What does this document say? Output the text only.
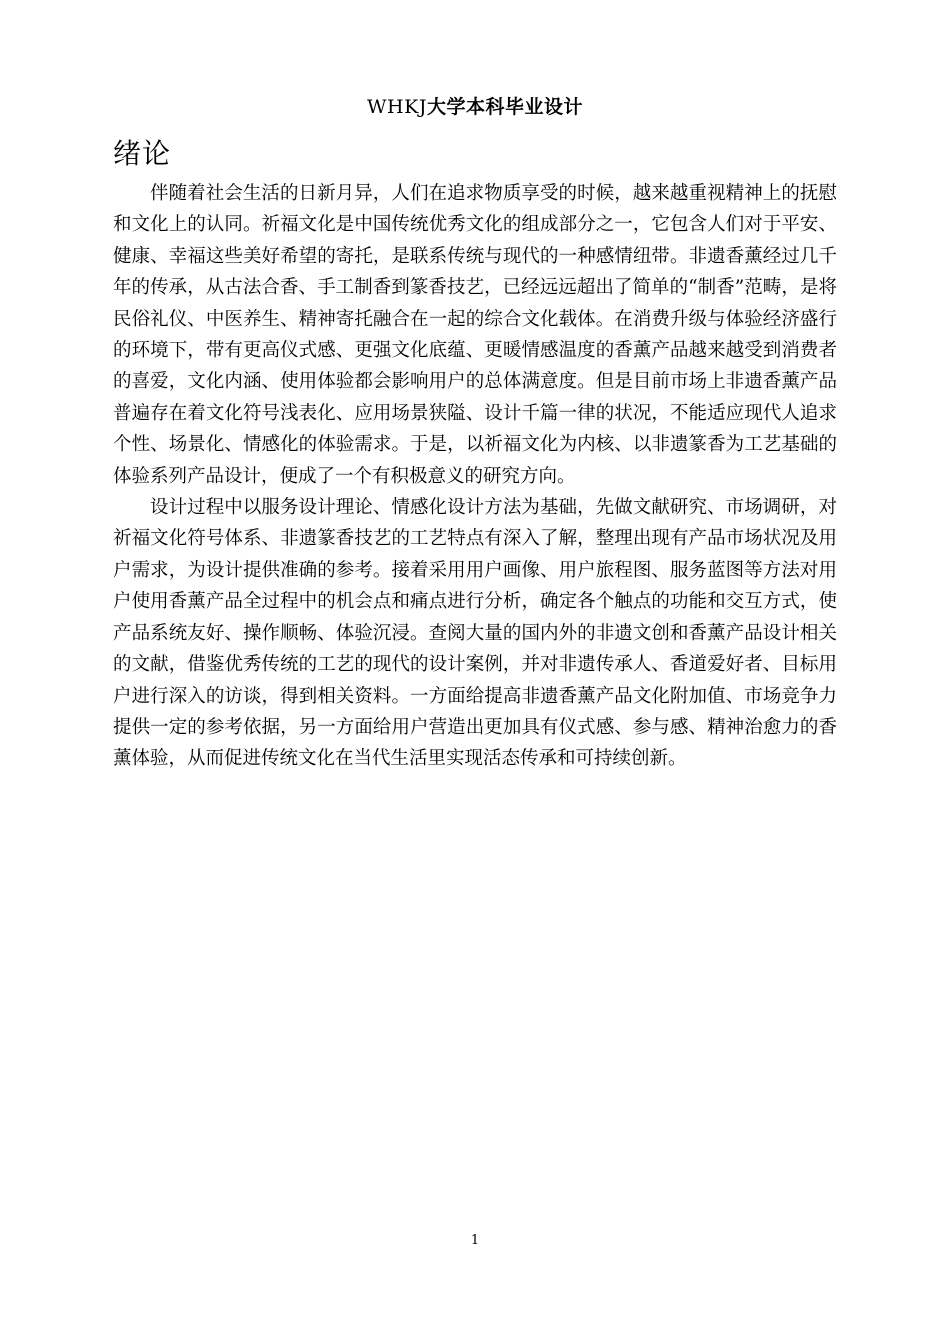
WHKJ大学本科毕业设计
绪论

伴随着社会生活的日新月异，人们在追求物质享受的时候，越来越重视精神上的抚慰和文化上的认同。祈福文化是中国传统优秀文化的组成部分之一，它包含人们对于平安、健康、幸福这些美好希望的寄托，是联系传统与现代的一种感情纽带。非遗香薰经过几千年的传承，从古法合香、手工制香到篆香技艺，已经远远超出了简单的“制香”范畴，是将民俗礼仪、中医养生、精神寄托融合在一起的综合文化载体。在消费升级与体验经济盛行的环境下，带有更高仪式感、更强文化底蕴、更暖情感温度的香薰产品越来越受到消费者的喜爱，文化内涵、使用体验都会影响用户的总体满意度。但是目前市场上非遗香薰产品普遍存在着文化符号浅表化、应用场景狭隘、设计千篇一律的状况，不能适应现代人追求个性、场景化、情感化的体验需求。于是，以祈福文化为内核、以非遗篆香为工艺基础的体验系列产品设计，便成了一个有积极意义的研究方向。

设计过程中以服务设计理论、情感化设计方法为基础，先做文献研究、市场调研，对祈福文化符号体系、非遗篆香技艺的工艺特点有深入了解，整理出现有产品市场状况及用户需求，为设计提供准确的参考。接着采用用户画像、用户旅程图、服务蓝图等方法对用户使用香薰产品全过程中的机会点和痛点进行分析，确定各个触点的功能和交互方式，使产品系统友好、操作顺畅、体验沉浸。查阅大量的国内外的非遗文创和香薰产品设计相关的文献，借鉴优秀传统的工艺的现代的设计案例，并对非遗传承人、香道爱好者、目标用户进行深入的访谈，得到相关资料。一方面给提高非遗香薰产品文化附加值、市场竞争力提供一定的参考依据，另一方面给用户营造出更加具有仪式感、参与感、精神治愈力的香薰体验，从而促进传统文化在当代生活里实现活态传承和可持续创新。

1
